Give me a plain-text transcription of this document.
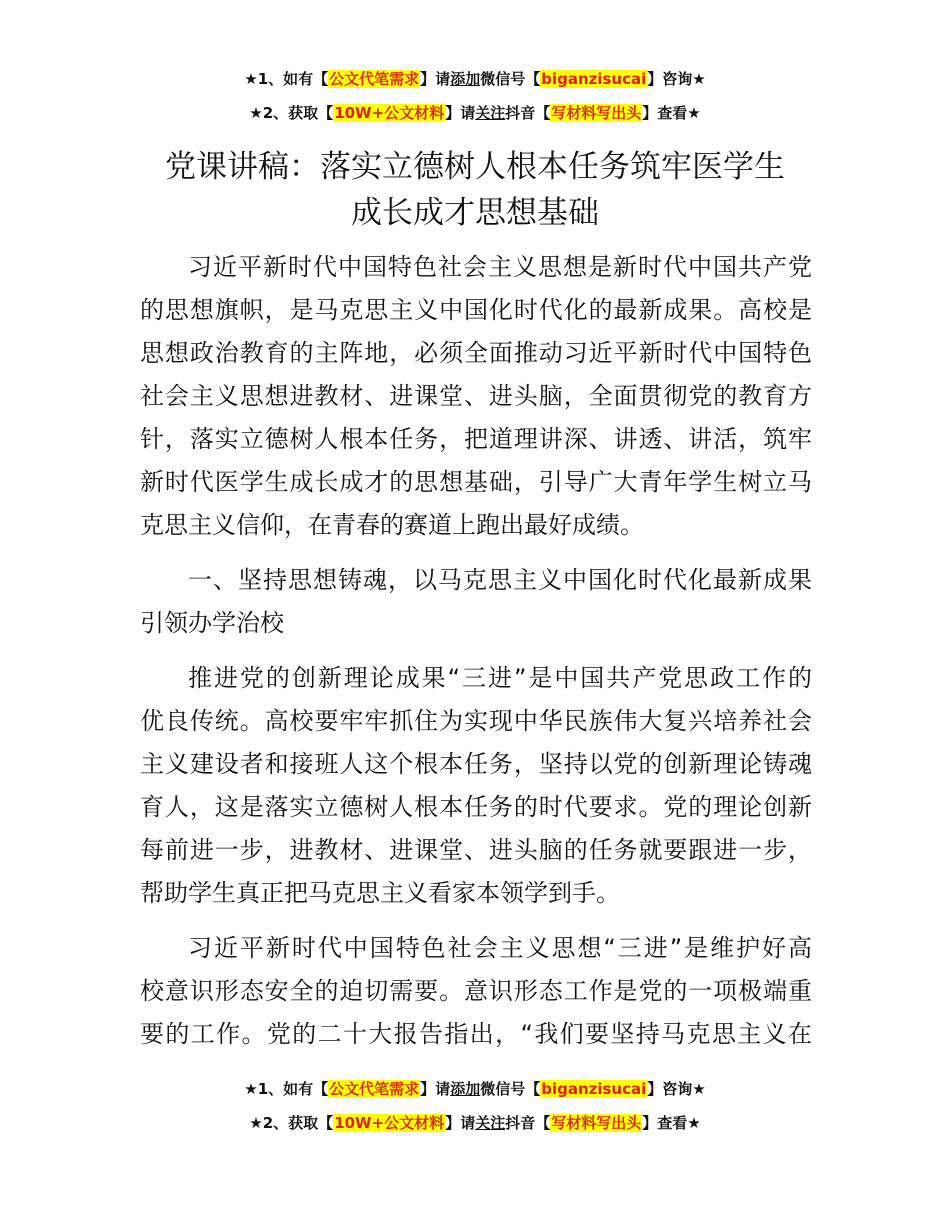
★1、如有【公文代笔需求】请添加微信号【biganzisucai】咨询★
★2、获取【10W+公文材料】请关注抖音【写材料写出头】查看★
党课讲稿：落实立德树人根本任务筑牢医学生
成长成才思想基础
习近平新时代中国特色社会主义思想是新时代中国共产党
的思想旗帜，是马克思主义中国化时代化的最新成果。高校是
思想政治教育的主阵地，必须全面推动习近平新时代中国特色
社会主义思想进教材、进课堂、进头脑，全面贯彻党的教育方
针，落实立德树人根本任务，把道理讲深、讲透、讲活，筑牢
新时代医学生成长成才的思想基础，引导广大青年学生树立马
克思主义信仰，在青春的赛道上跑出最好成绩。
一、坚持思想铸魂，以马克思主义中国化时代化最新成果
引领办学治校
推进党的创新理论成果“三进”是中国共产党思政工作的
优良传统。高校要牢牢抓住为实现中华民族伟大复兴培养社会
主义建设者和接班人这个根本任务，坚持以党的创新理论铸魂
育人，这是落实立德树人根本任务的时代要求。党的理论创新
每前进一步，进教材、进课堂、进头脑的任务就要跟进一步，
帮助学生真正把马克思主义看家本领学到手。
习近平新时代中国特色社会主义思想“三进”是维护好高
校意识形态安全的迫切需要。意识形态工作是党的一项极端重
要的工作。党的二十大报告指出，“我们要坚持马克思主义在
★1、如有【公文代笔需求】请添加微信号【biganzisucai】咨询★
★2、获取【10W+公文材料】请关注抖音【写材料写出头】查看★
